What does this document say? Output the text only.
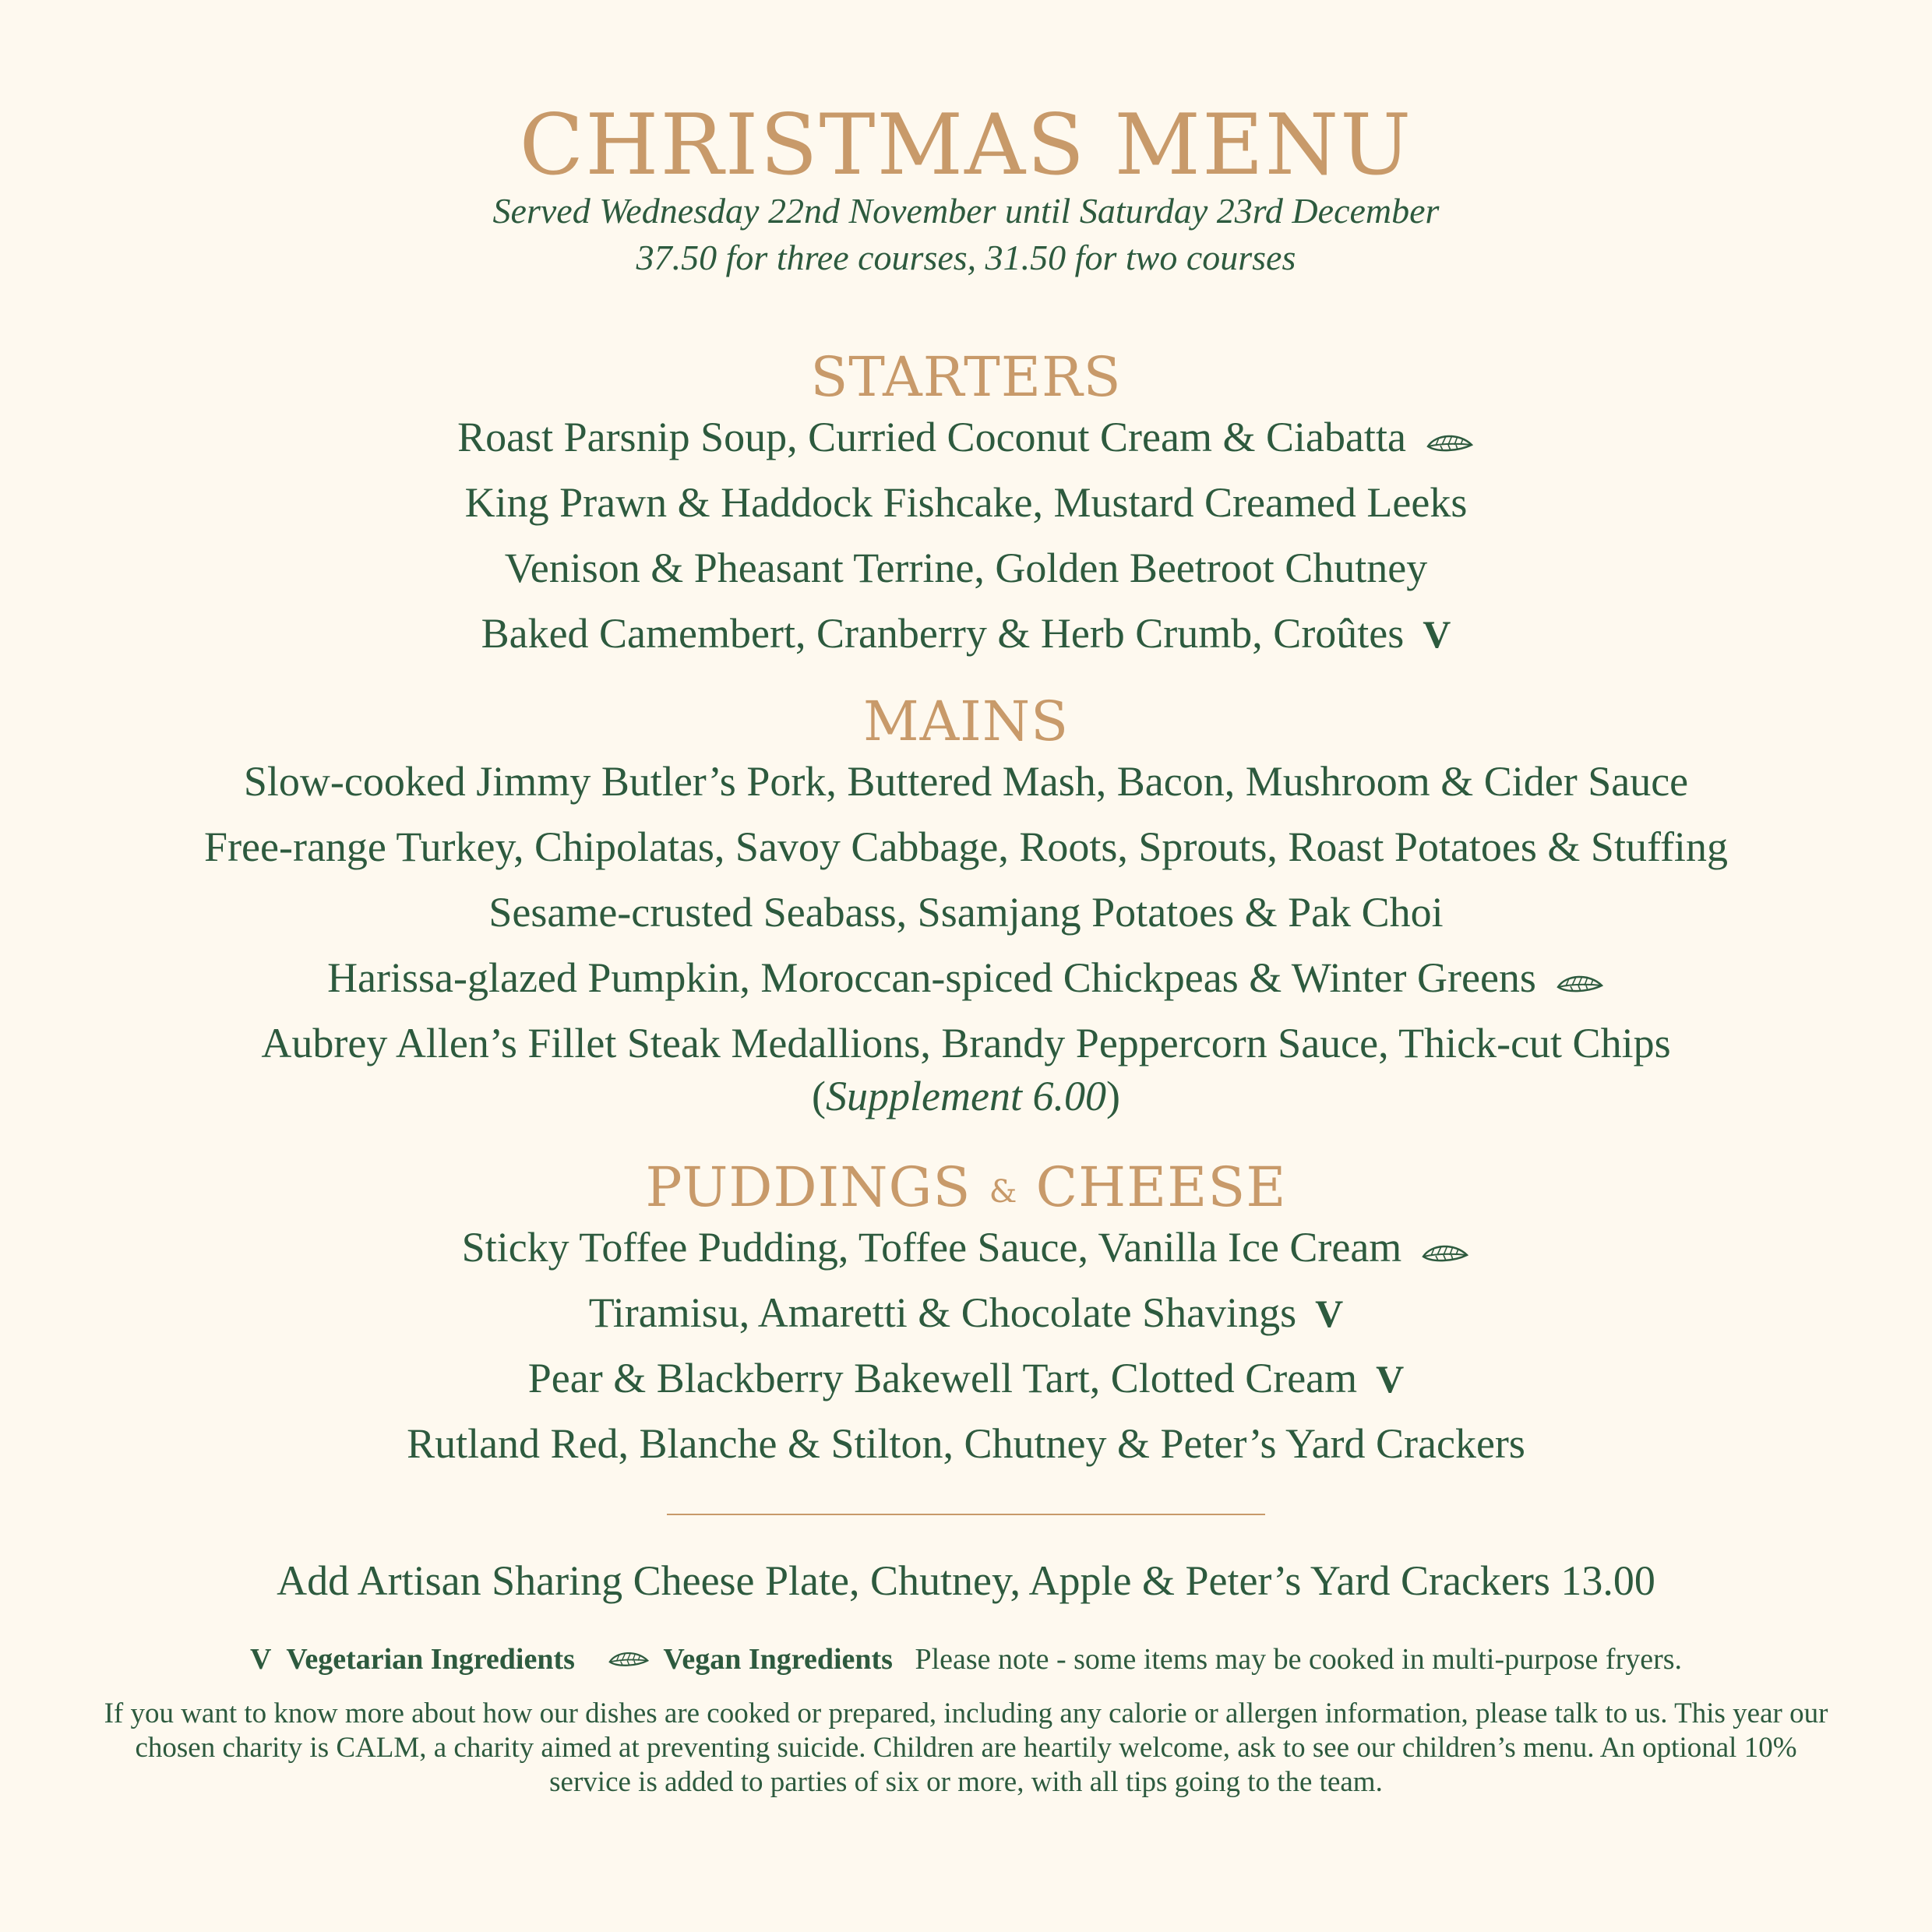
CHRISTMAS MENU
Served Wednesday 22nd November until Saturday 23rd December
37.50 for three courses, 31.50 for two courses
STARTERS
Roast Parsnip Soup, Curried Coconut Cream & Ciabatta
King Prawn & Haddock Fishcake, Mustard Creamed Leeks
Venison & Pheasant Terrine, Golden Beetroot Chutney
Baked Camembert, Cranberry & Herb Crumb, Croûtes V
MAINS
Slow-cooked Jimmy Butler’s Pork, Buttered Mash, Bacon, Mushroom & Cider Sauce
Free-range Turkey, Chipolatas, Savoy Cabbage, Roots, Sprouts, Roast Potatoes & Stuffing
Sesame-crusted Seabass, Ssamjang Potatoes & Pak Choi
Harissa-glazed Pumpkin, Moroccan-spiced Chickpeas & Winter Greens
Aubrey Allen’s Fillet Steak Medallions, Brandy Peppercorn Sauce, Thick-cut Chips
(Supplement 6.00)
PUDDINGS & CHEESE
Sticky Toffee Pudding, Toffee Sauce, Vanilla Ice Cream
Tiramisu, Amaretti & Chocolate Shavings V
Pear & Blackberry Bakewell Tart, Clotted Cream V
Rutland Red, Blanche & Stilton, Chutney & Peter’s Yard Crackers
Add Artisan Sharing Cheese Plate, Chutney, Apple & Peter’s Yard Crackers 13.00
V Vegetarian Ingredients	Vegan Ingredients Please note - some items may be cooked in multi-purpose fryers.
If you want to know more about how our dishes are cooked or prepared, including any calorie or allergen information, please talk to us. This year our chosen charity is CALM, a charity aimed at preventing suicide. Children are heartily welcome, ask to see our children’s menu. An optional 10% service is added to parties of six or more, with all tips going to the team.
